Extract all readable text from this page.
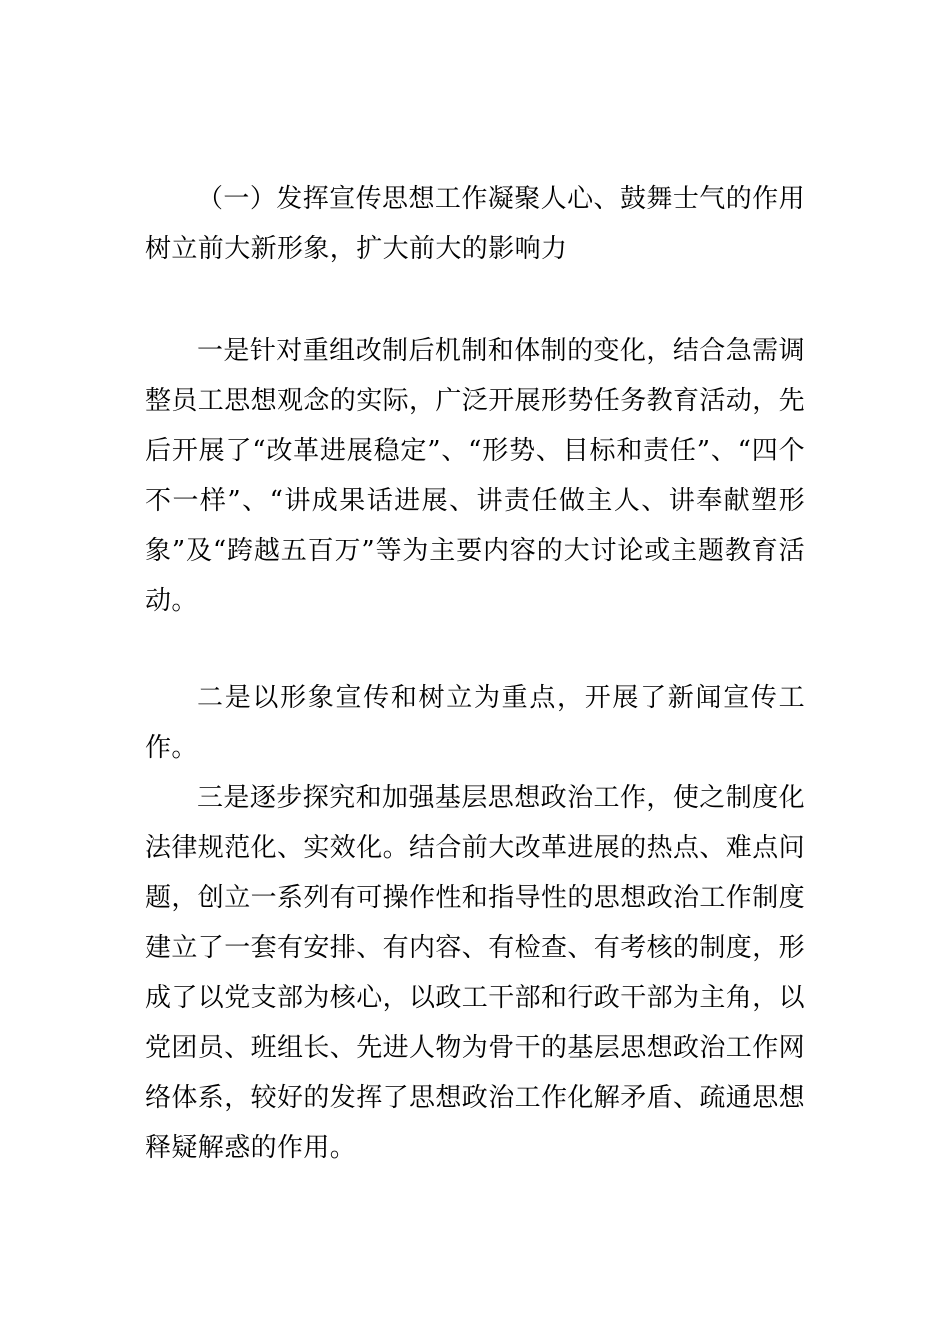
（一）发挥宣传思想工作凝聚人心、鼓舞士气的作用树立前大新形象，扩大前大的影响力

一是针对重组改制后机制和体制的变化，结合急需调整员工思想观念的实际，广泛开展形势任务教育活动，先后开展了“改革进展稳定”、“形势、目标和责任”、“四个不一样”、“讲成果话进展、讲责任做主人、讲奉献塑形象”及“跨越五百万”等为主要内容的大讨论或主题教育活动。

二是以形象宣传和树立为重点，开展了新闻宣传工作。

三是逐步探究和加强基层思想政治工作，使之制度化法律规范化、实效化。结合前大改革进展的热点、难点问题，创立一系列有可操作性和指导性的思想政治工作制度建立了一套有安排、有内容、有检查、有考核的制度，形成了以党支部为核心，以政工干部和行政干部为主角，以党团员、班组长、先进人物为骨干的基层思想政治工作网络体系，较好的发挥了思想政治工作化解矛盾、疏通思想释疑解惑的作用。
